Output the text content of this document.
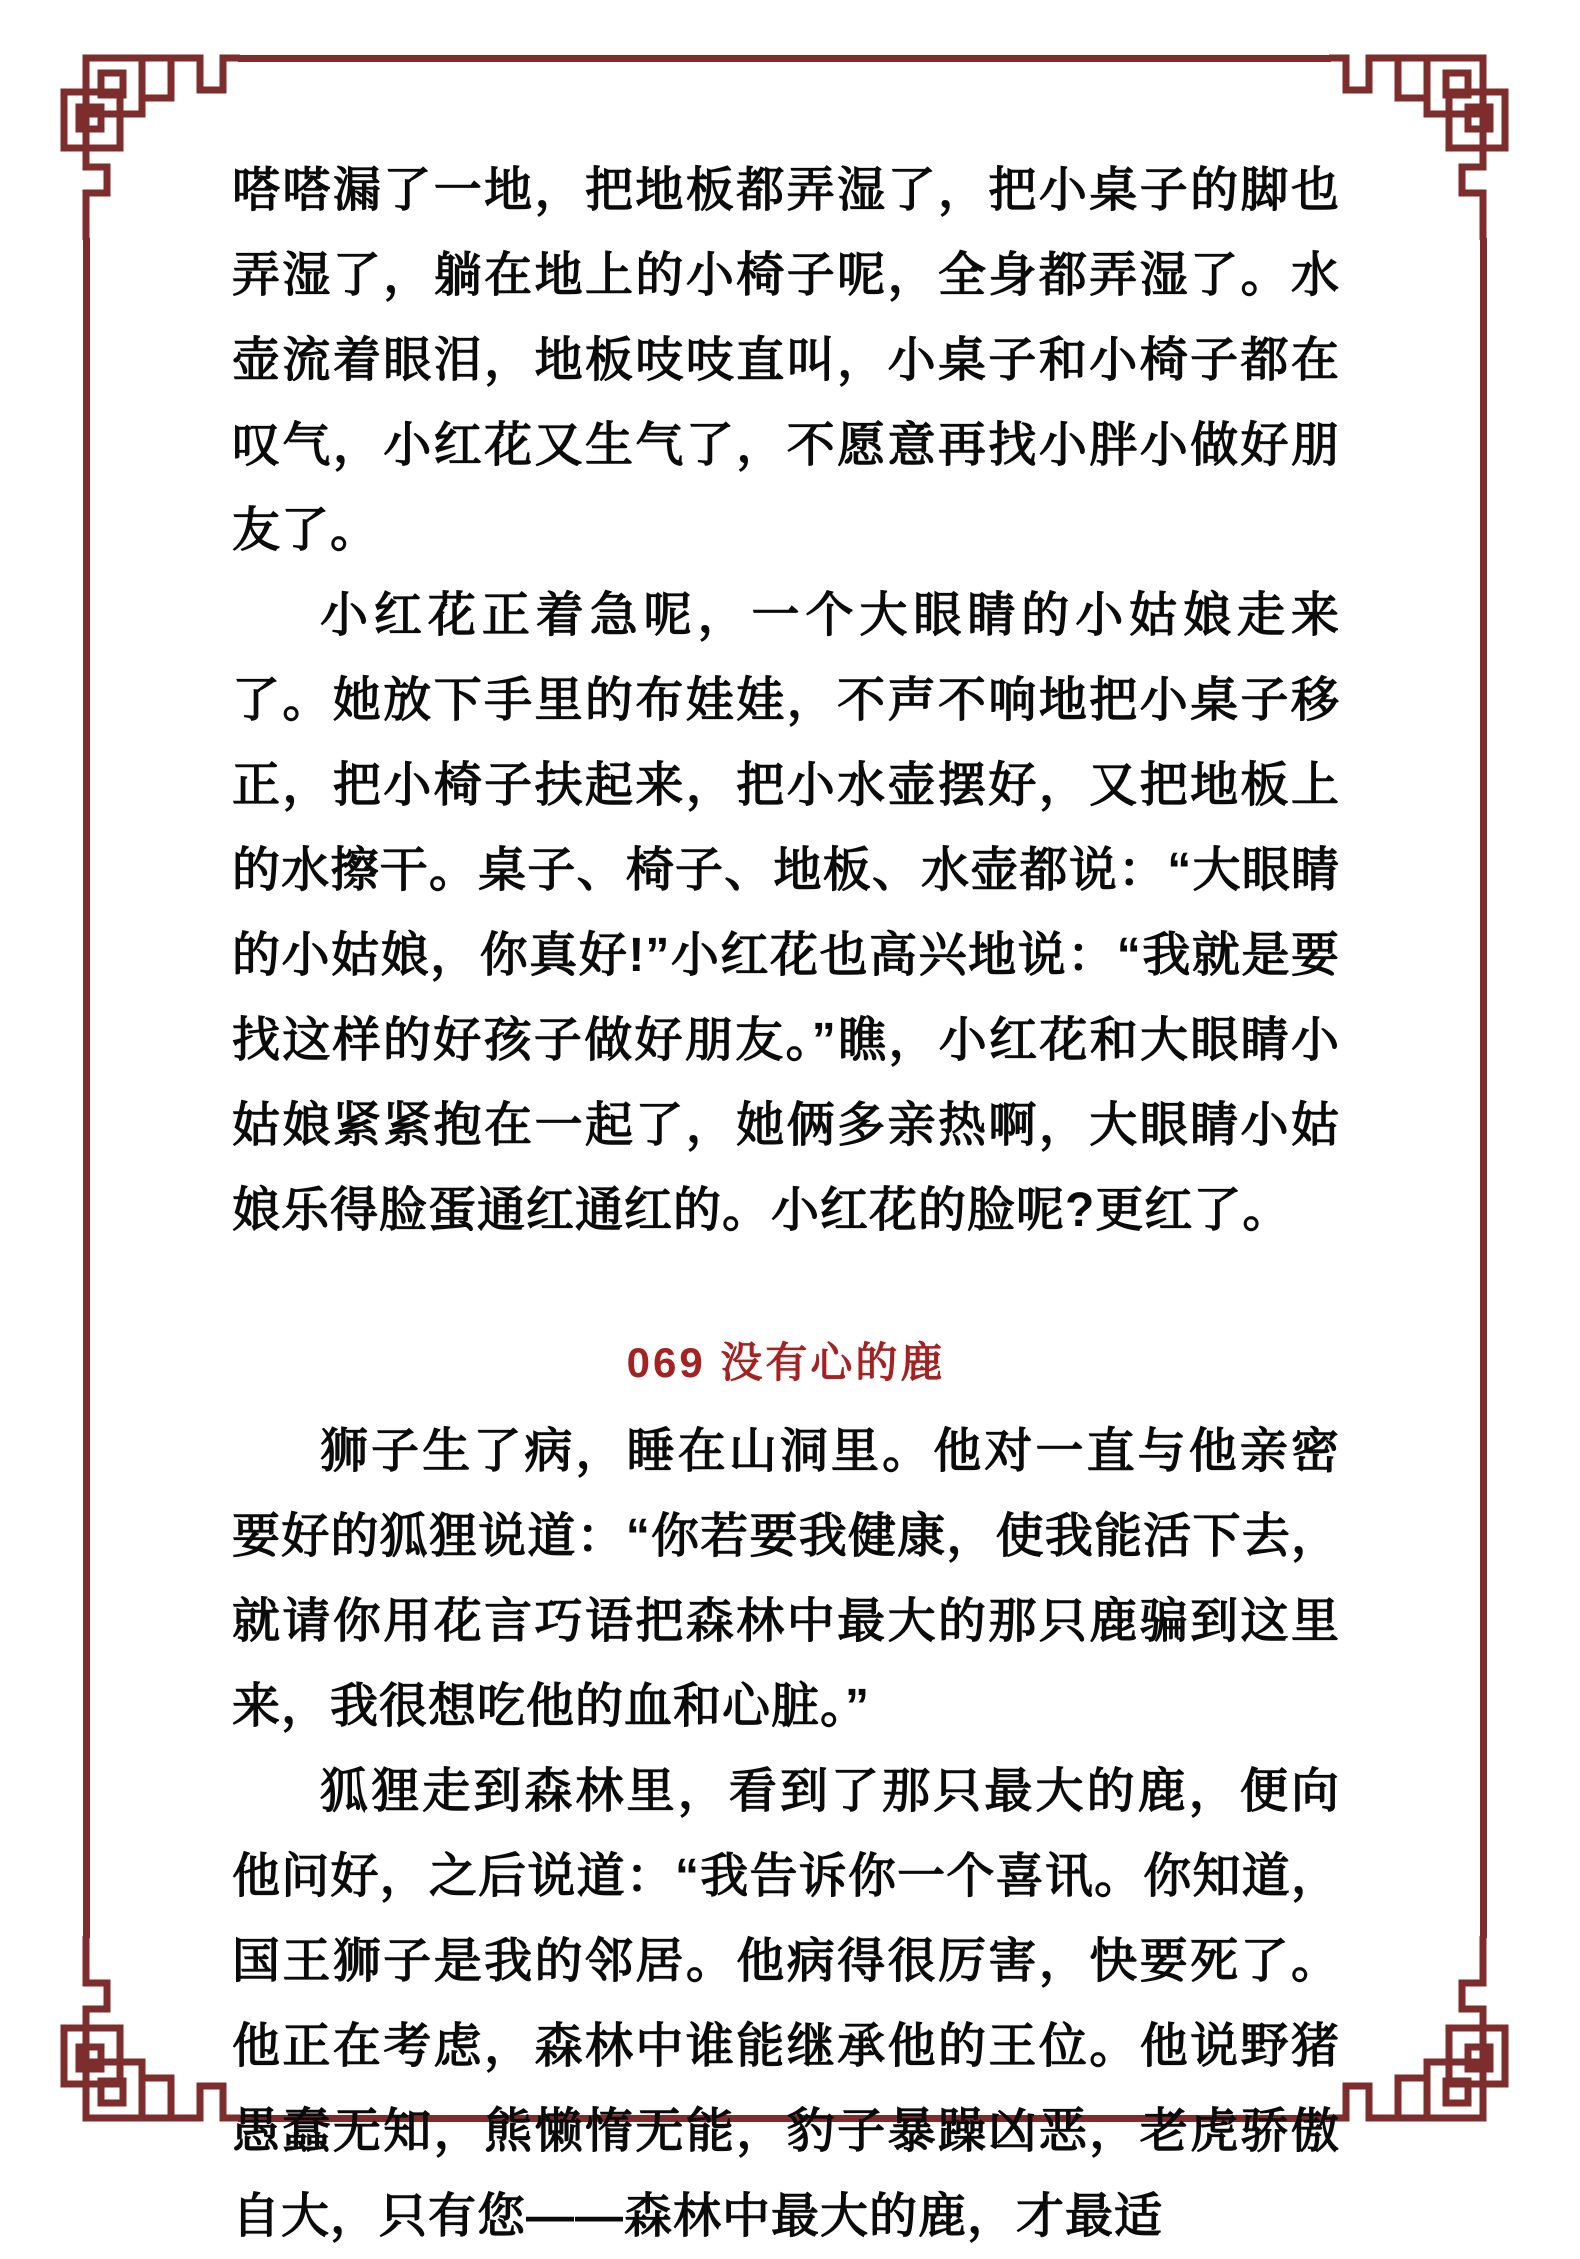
嗒嗒漏了一地，把地板都弄湿了，把小桌子的脚也弄湿了，躺在地上的小椅子呢，全身都弄湿了。水壶流着眼泪，地板吱吱直叫，小桌子和小椅子都在叹气，小红花又生气了，不愿意再找小胖小做好朋友了。

小红花正着急呢，一个大眼睛的小姑娘走来了。她放下手里的布娃娃，不声不响地把小桌子移正，把小椅子扶起来，把小水壶摆好，又把地板上的水擦干。桌子、椅子、地板、水壶都说：“大眼睛的小姑娘，你真好!”小红花也高兴地说：“我就是要找这样的好孩子做好朋友。”瞧，小红花和大眼睛小姑娘紧紧抱在一起了，她俩多亲热啊，大眼睛小姑娘乐得脸蛋通红通红的。小红花的脸呢?更红了。

069 没有心的鹿

狮子生了病，睡在山洞里。他对一直与他亲密要好的狐狸说道：“你若要我健康，使我能活下去，就请你用花言巧语把森林中最大的那只鹿骗到这里来，我很想吃他的血和心脏。”

狐狸走到森林里，看到了那只最大的鹿，便向他问好，之后说道：“我告诉你一个喜讯。你知道，国王狮子是我的邻居。他病得很厉害，快要死了。他正在考虑，森林中谁能继承他的王位。他说野猪愚蠢无知，熊懒惰无能，豹子暴躁凶恶，老虎骄傲自大，只有您——森林中最大的鹿，才最适
